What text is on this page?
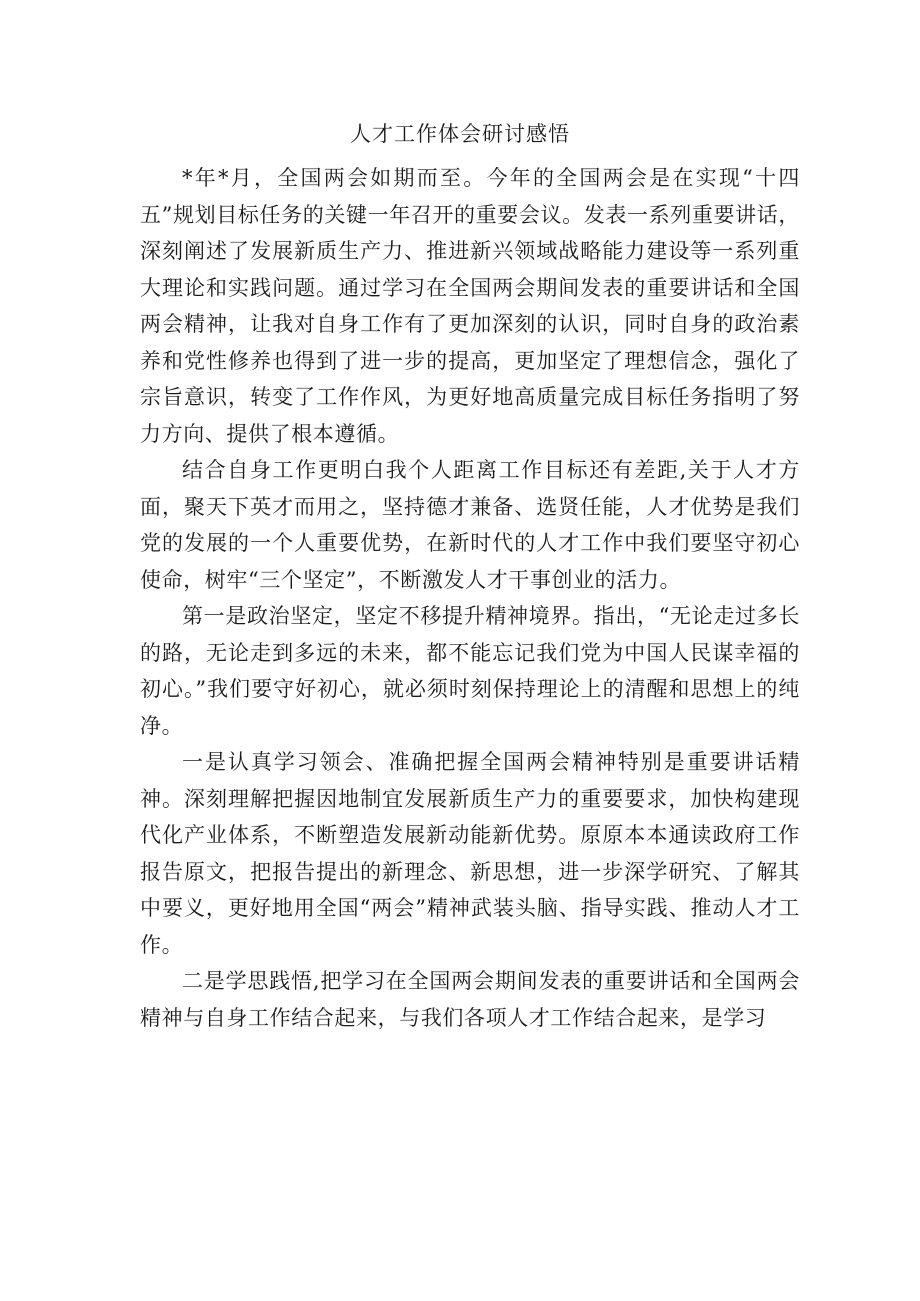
人才工作体会研讨感悟

*年*月，全国两会如期而至。今年的全国两会是在实现“十四五”规划目标任务的关键一年召开的重要会议。发表一系列重要讲话，深刻阐述了发展新质生产力、推进新兴领域战略能力建设等一系列重大理论和实践问题。通过学习在全国两会期间发表的重要讲话和全国两会精神，让我对自身工作有了更加深刻的认识，同时自身的政治素养和党性修养也得到了进一步的提高，更加坚定了理想信念，强化了宗旨意识，转变了工作作风，为更好地高质量完成目标任务指明了努力方向、提供了根本遵循。

结合自身工作更明白我个人距离工作目标还有差距,关于人才方面，聚天下英才而用之，坚持德才兼备、选贤任能，人才优势是我们党的发展的一个人重要优势，在新时代的人才工作中我们要坚守初心使命，树牢“三个坚定”，不断激发人才干事创业的活力。

第一是政治坚定，坚定不移提升精神境界。指出，“无论走过多长的路，无论走到多远的未来，都不能忘记我们党为中国人民谋幸福的初心。”我们要守好初心，就必须时刻保持理论上的清醒和思想上的纯净。

一是认真学习领会、准确把握全国两会精神特别是重要讲话精神。深刻理解把握因地制宜发展新质生产力的重要要求，加快构建现代化产业体系，不断塑造发展新动能新优势。原原本本通读政府工作报告原文，把报告提出的新理念、新思想，进一步深学研究、了解其中要义，更好地用全国“两会”精神武装头脑、指导实践、推动人才工作。

二是学思践悟,把学习在全国两会期间发表的重要讲话和全国两会精神与自身工作结合起来，与我们各项人才工作结合起来，是学习
